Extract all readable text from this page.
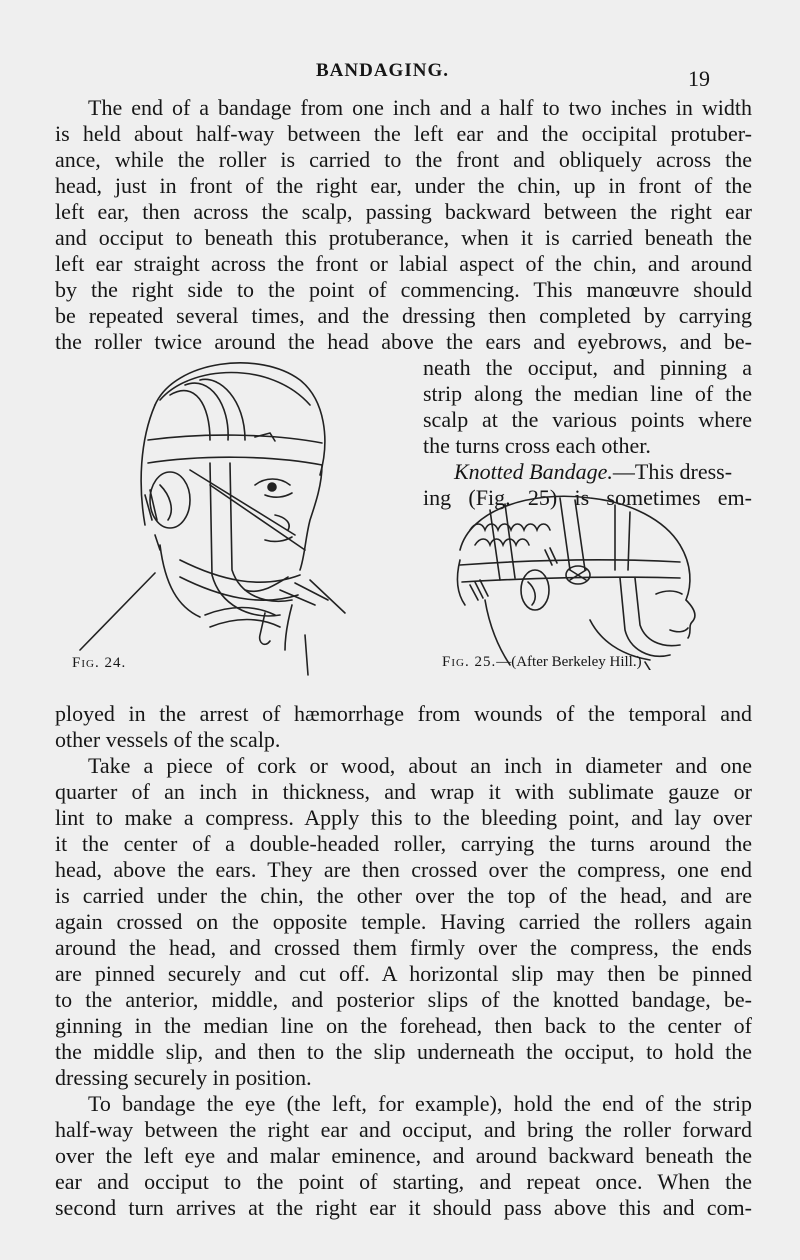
BANDAGING.	19
The end of a bandage from one inch and a half to two inches in width
is held about half-way between the left ear and the occipital protuber-
ance, while the roller is carried to the front and obliquely across the
head, just in front of the right ear, under the chin, up in front of the
left ear, then across the scalp, passing backward between the right ear
and occiput to beneath this protuberance, when it is carried beneath the
left ear straight across the front or labial aspect of the chin, and around
by the right side to the point of commencing. This manœuvre should
be repeated several times, and the dressing then completed by carrying
the roller twice around the head above the ears and eyebrows, and be-
neath the occiput, and pinning a
strip along the median line of the
scalp at the various points where
the turns cross each other.
Knotted Bandage.—This dress-
ing (Fig. 25) is sometimes em-
ployed in the arrest of hæmorrhage from wounds of the temporal and
other vessels of the scalp.
Take a piece of cork or wood, about an inch in diameter and one
quarter of an inch in thickness, and wrap it with sublimate gauze or
lint to make a compress. Apply this to the bleeding point, and lay over
it the center of a double-headed roller, carrying the turns around the
head, above the ears. They are then crossed over the compress, one end
is carried under the chin, the other over the top of the head, and are
again crossed on the opposite temple. Having carried the rollers again
around the head, and crossed them firmly over the compress, the ends
are pinned securely and cut off. A horizontal slip may then be pinned
to the anterior, middle, and posterior slips of the knotted bandage, be-
ginning in the median line on the forehead, then back to the center of
the middle slip, and then to the slip underneath the occiput, to hold the
dressing securely in position.
To bandage the eye (the left, for example), hold the end of the strip
half-way between the right ear and occiput, and bring the roller forward
over the left eye and malar eminence, and around backward beneath the
ear and occiput to the point of starting, and repeat once. When the
second turn arrives at the right ear it should pass above this and com-
Fig. 24.	Fig. 25.—(After Berkeley Hill.)
